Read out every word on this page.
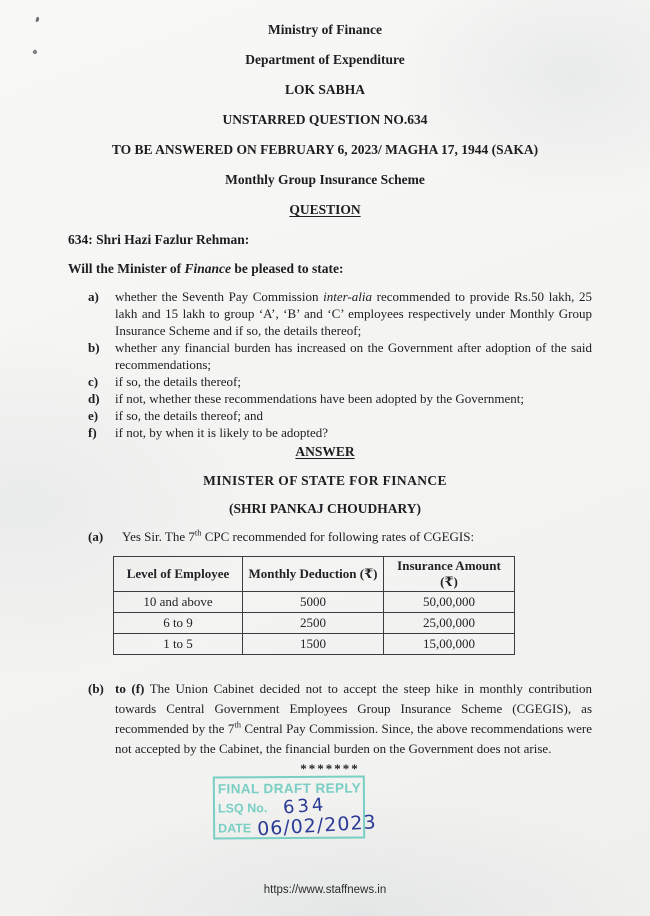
Ministry of Finance
Department of Expenditure
LOK SABHA
UNSTARRED QUESTION NO.634
TO BE ANSWERED ON FEBRUARY 6, 2023/ MAGHA 17, 1944 (SAKA)
Monthly Group Insurance Scheme
QUESTION
634: Shri Hazi Fazlur Rehman:
Will the Minister of Finance be pleased to state:
a)	whether the Seventh Pay Commission inter-alia recommended to provide Rs.50 lakh, 25 lakh and 15 lakh to group ‘A’, ‘B’ and ‘C’ employees respectively under Monthly Group Insurance Scheme and if so, the details thereof;
b)	whether any financial burden has increased on the Government after adoption of the said recommendations;
c)	if so, the details thereof;
d)	if not, whether these recommendations have been adopted by the Government;
e)	if so, the details thereof; and
f)	if not, by when it is likely to be adopted?
ANSWER
MINISTER OF STATE FOR FINANCE
(SHRI PANKAJ CHOUDHARY)
(a)	Yes Sir. The 7th CPC recommended for following rates of CGEGIS:
Level of Employee	Monthly Deduction (₹)	Insurance Amount (₹)
10 and above	5000	50,00,000
6 to 9	2500	25,00,000
1 to 5	1500	15,00,000
(b) to (f) The Union Cabinet decided not to accept the steep hike in monthly contribution towards Central Government Employees Group Insurance Scheme (CGEGIS), as recommended by the 7th Central Pay Commission. Since, the above recommendations were not accepted by the Cabinet, the financial burden on the Government does not arise.
*******
FINAL DRAFT REPLY
LSQ No. 634
DATE 06/02/2023
https://www.staffnews.in
